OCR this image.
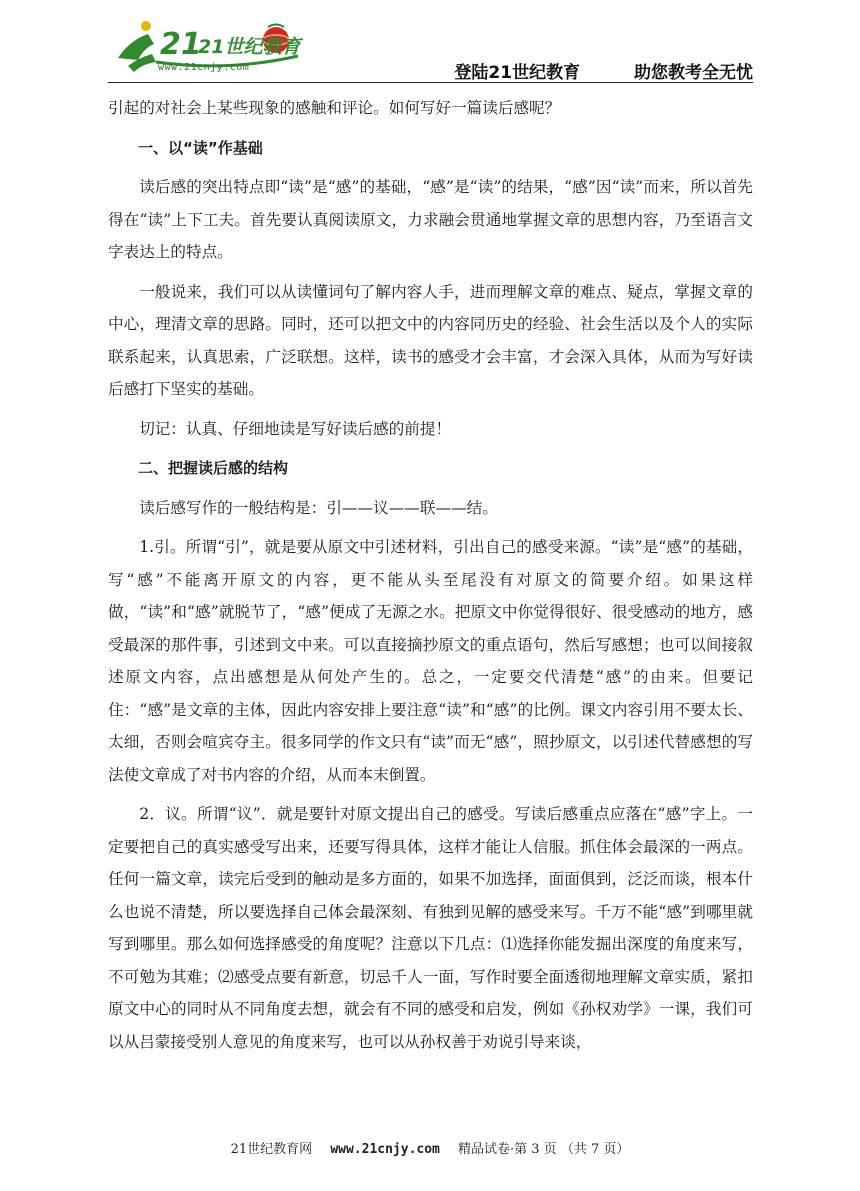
21
21世纪教育
www.21cnjy.com	登陆21世纪教育	助您教考全无忧

引起的对社会上某些现象的感触和评论。如何写好一篇读后感呢？

一、以“读”作基础

读后感的突出特点即“读”是“感”的基础，“感”是“读”的结果，“感”因“读”而来，所以首先得在“读”上下工夫。首先要认真阅读原文，力求融会贯通地掌握文章的思想内容，乃至语言文字表达上的特点。

一般说来，我们可以从读懂词句了解内容人手，进而理解文章的难点、疑点，掌握文章的中心，理清文章的思路。同时，还可以把文中的内容同历史的经验、社会生活以及个人的实际联系起来，认真思索，广泛联想。这样，读书的感受才会丰富，才会深入具体，从而为写好读后感打下坚实的基础。

切记：认真、仔细地读是写好读后感的前提！

二、把握读后感的结构

读后感写作的一般结构是：引——议——联——结。

1.引。所谓“引”，就是要从原文中引述材料，引出自己的感受来源。“读”是“感”的基础，写“感”不能离开原文的内容，更不能从头至尾没有对原文的简要介绍。如果这样做，“读”和“感”就脱节了，“感”便成了无源之水。把原文中你觉得很好、很受感动的地方，感受最深的那件事，引述到文中来。可以直接摘抄原文的重点语句，然后写感想；也可以间接叙述原文内容，点出感想是从何处产生的。总之，一定要交代清楚“感”的由来。但要记住：“感”是文章的主体，因此内容安排上要注意“读”和“感”的比例。课文内容引用不要太长、太细，否则会喧宾夺主。很多同学的作文只有“读”而无“感”，照抄原文，以引述代替感想的写法使文章成了对书内容的介绍，从而本末倒置。

2．议。所谓“议”．就是要针对原文提出自己的感受。写读后感重点应落在“感”字上。一定要把自己的真实感受写出来，还要写得具体，这样才能让人信服。抓住体会最深的一两点。任何一篇文章，读完后受到的触动是多方面的，如果不加选择，面面俱到，泛泛而谈，根本什么也说不清楚，所以要选择自己体会最深刻、有独到见解的感受来写。千万不能“感”到哪里就写到哪里。那么如何选择感受的角度呢？注意以下几点：⑴选择你能发掘出深度的角度来写，不可勉为其难；⑵感受点要有新意，切忌千人一面，写作时要全面透彻地理解文章实质，紧扣原文中心的同时从不同角度去想，就会有不同的感受和启发，例如《孙权劝学》一课，我们可以从吕蒙接受别人意见的角度来写，也可以从孙权善于劝说引导来谈，

21世纪教育网 www.21cnjy.com 精品试卷·第 3 页 （共 7 页）
